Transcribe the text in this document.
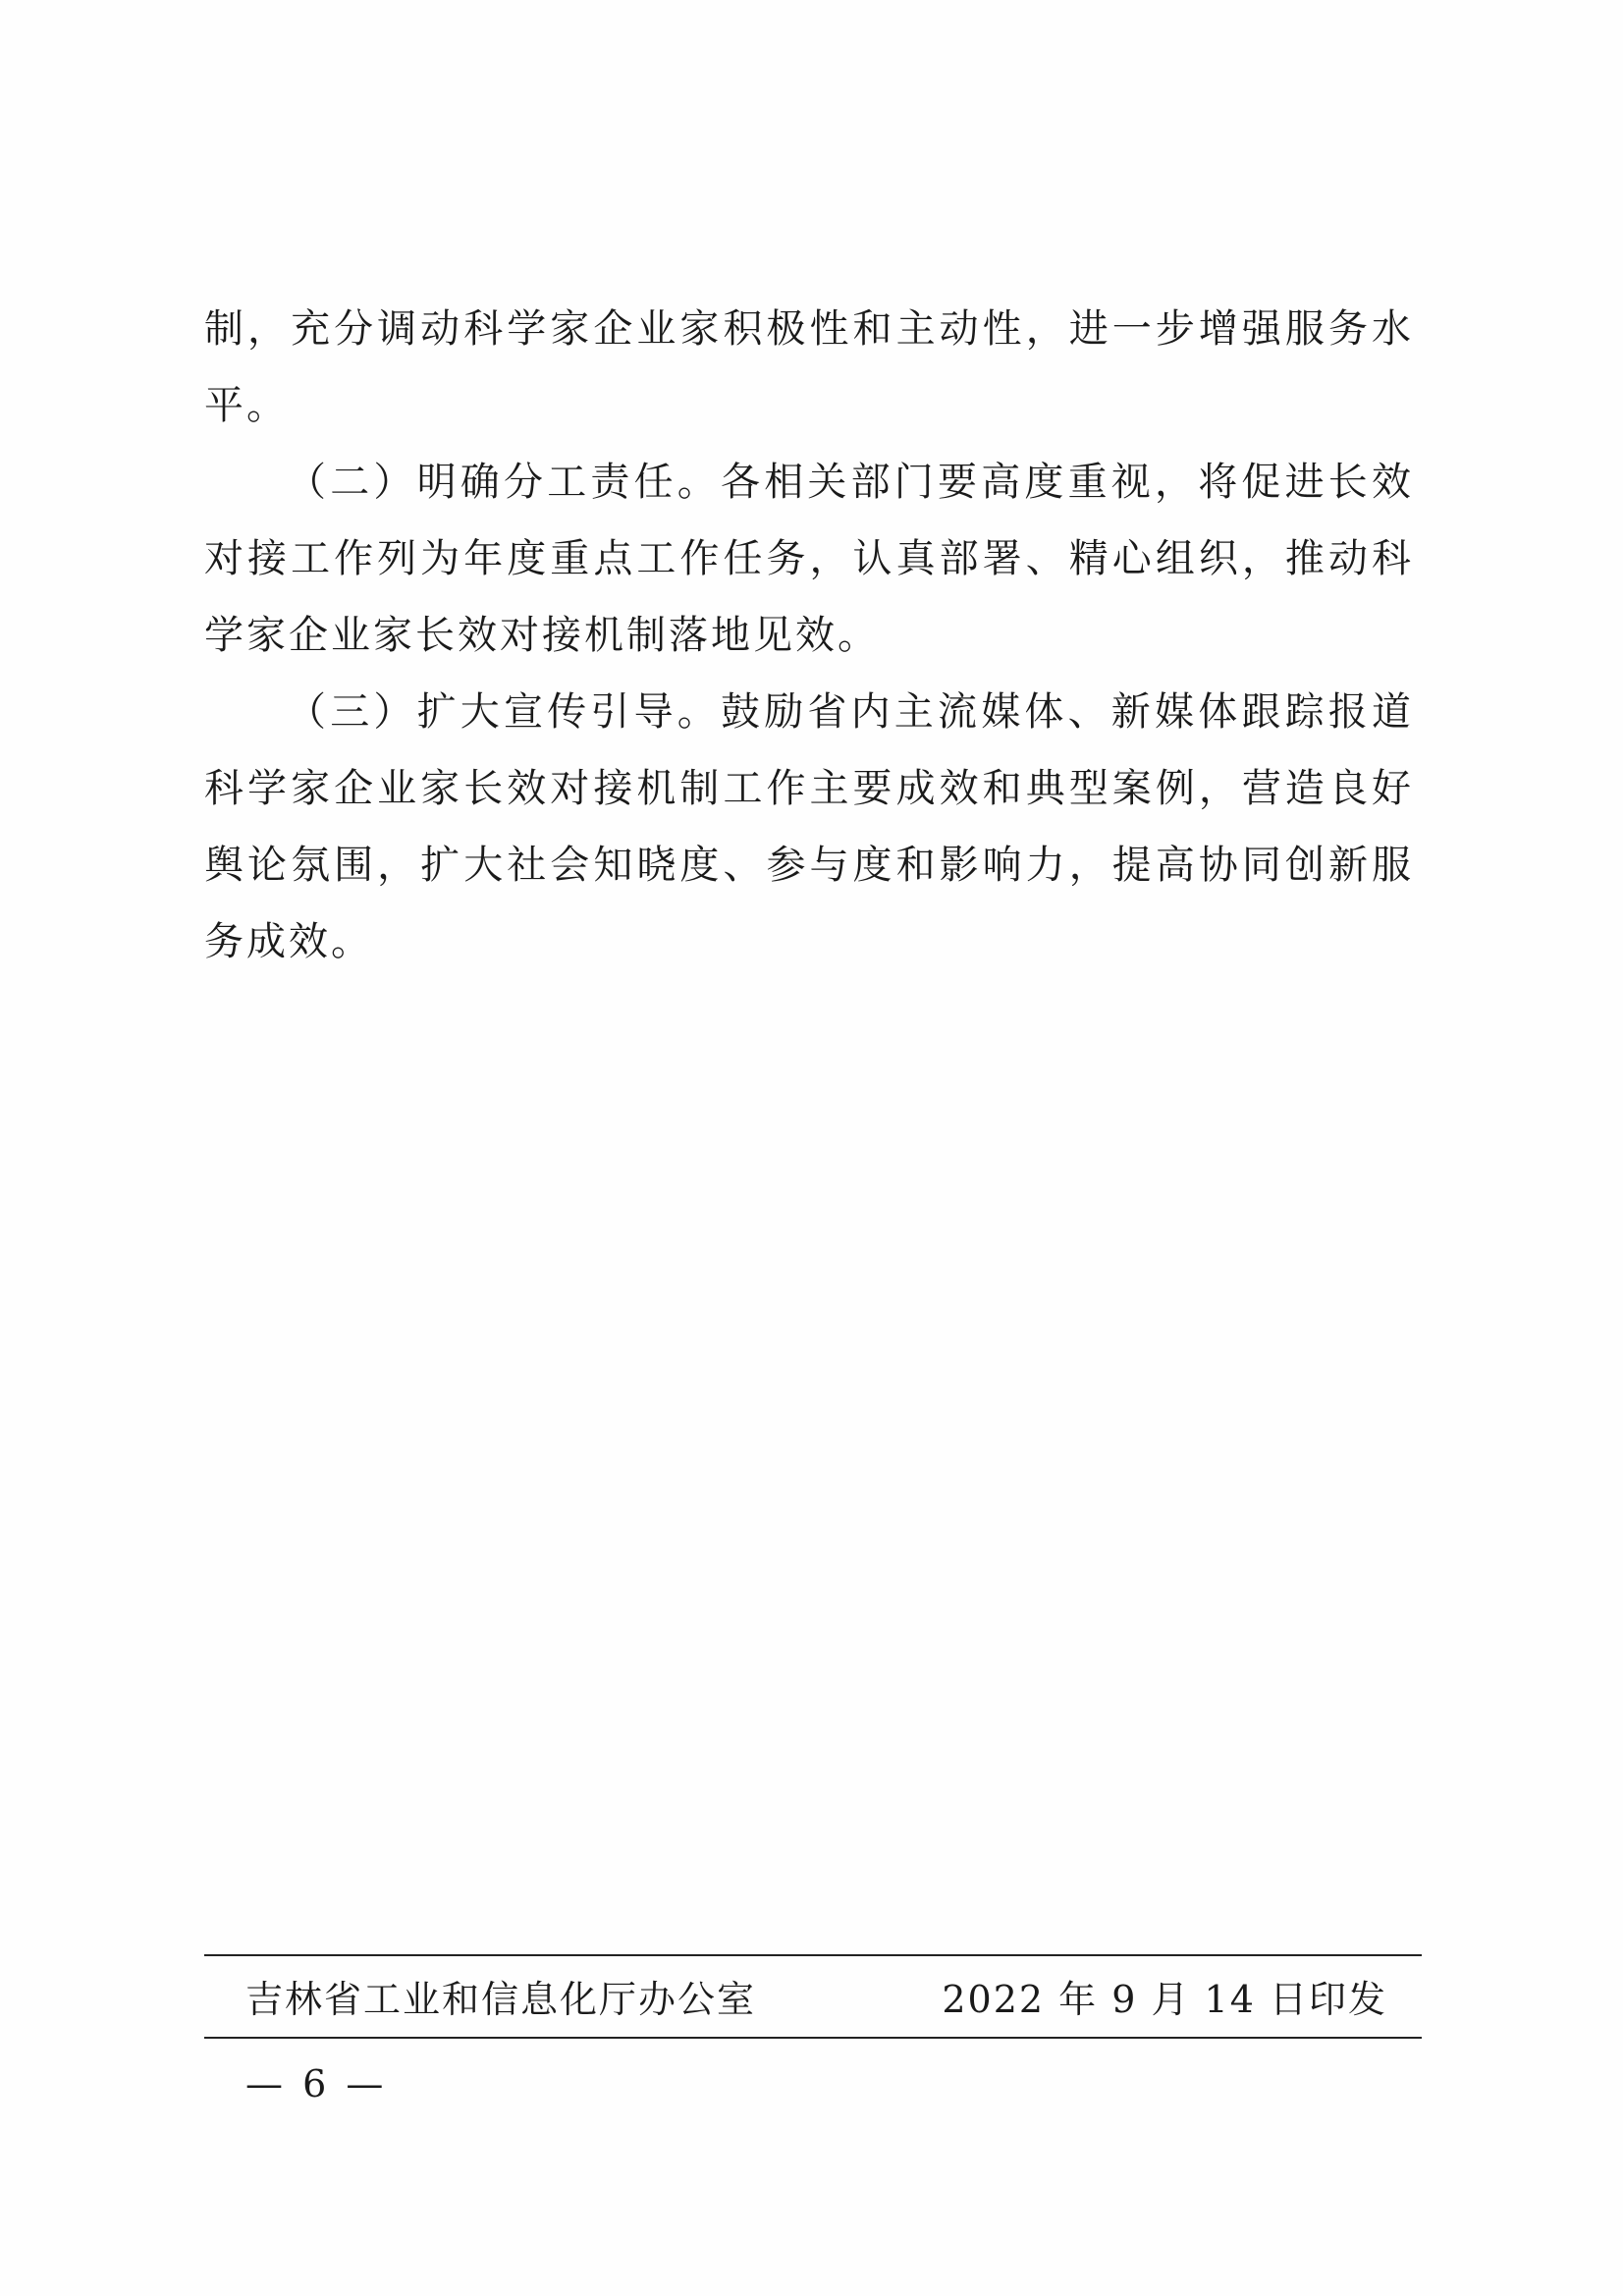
制，充分调动科学家企业家积极性和主动性，进一步增强服务水平。

（二）明确分工责任。各相关部门要高度重视，将促进长效对接工作列为年度重点工作任务，认真部署、精心组织，推动科学家企业家长效对接机制落地见效。

（三）扩大宣传引导。鼓励省内主流媒体、新媒体跟踪报道科学家企业家长效对接机制工作主要成效和典型案例，营造良好舆论氛围，扩大社会知晓度、参与度和影响力，提高协同创新服务成效。

吉林省工业和信息化厅办公室	2022 年 9 月 14 日印发
— 6 —
